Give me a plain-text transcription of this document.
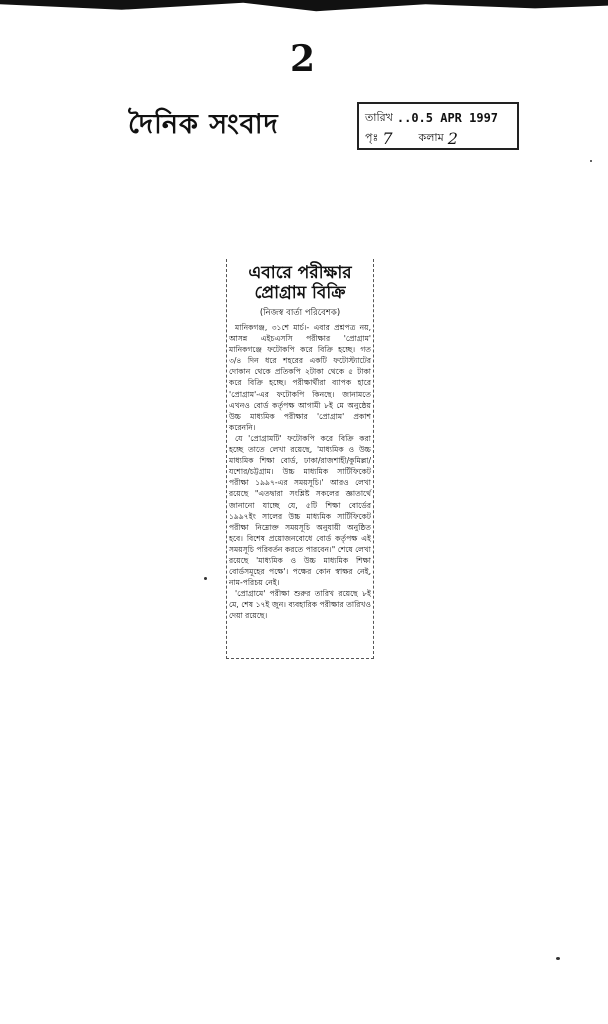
2
দৈনিক সংবাদ	তারিখ ..0.5 APR 1997
পৃঃ 7 কলাম 2
এবারে পরীক্ষার প্রোগ্রাম বিক্রি
(নিজস্ব বার্তা পরিবেশক)

মানিকগঞ্জ, ৩১শে মার্চ।- এবার প্রশ্নপত্র নয়, আসন্ন এইচএসসি পরীক্ষার 'প্রোগ্রাম' মানিকগঞ্জে ফটোকপি করে বিক্রি হচ্ছে। গত ৩/৪ দিন ধরে শহরের একটি ফটোস্ট্যাটের দোকান থেকে প্রতিকপি ২টাকা থেকে ৫ টাকা করে বিক্রি হচ্ছে। পরীক্ষার্থীরা ব্যাপক হারে 'প্রোগ্রাম'-এর ফটোকপি কিনছে। জানামতে এখনও বোর্ড কর্তৃপক্ষ আগামী ৮ই মে অনুষ্ঠেয় উচ্চ মাধ্যমিক পরীক্ষার 'প্রোগ্রাম' প্রকাশ করেননি।

যে 'প্রোগ্রামটি' ফটোকপি করে বিক্রি করা হচ্ছে তাতে লেখা রয়েছে, 'মাধ্যমিক ও উচ্চ মাধ্যমিক শিক্ষা বোর্ড, ঢাকা/রাজশাহী/কুমিল্লা/যশোর/চট্টগ্রাম। উচ্চ মাধ্যমিক সার্টিফিকেট পরীক্ষা ১৯৯৭-এর সময়সূচি।' আরও লেখা রয়েছে "এতদ্বারা সংশ্লিষ্ট সকলের জ্ঞাতার্থে জানানো যাচ্ছে যে, ৫টি শিক্ষা বোর্ডের ১৯৯৭ইং সালের উচ্চ মাধ্যমিক সার্টিফিকেট পরীক্ষা নিম্নোক্ত সময়সূচি অনুযায়ী অনুষ্ঠিত হবে। বিশেষ প্রয়োজনবোধে বোর্ড কর্তৃপক্ষ এই সময়সূচি পরিবর্তন করতে পারবেন।" শেষে লেখা রয়েছে 'মাধ্যমিক ও উচ্চ মাধ্যমিক শিক্ষা বোর্ডসমূহের পক্ষে'। পক্ষের কোন স্বাক্ষর নেই, নাম-পরিচয় নেই।

'প্রোগ্রামে' পরীক্ষা শুরুর তারিখ রয়েছে ৮ই মে, শেষ ১৭ই জুন। ব্যবহারিক পরীক্ষার তারিখও দেয়া রয়েছে।
